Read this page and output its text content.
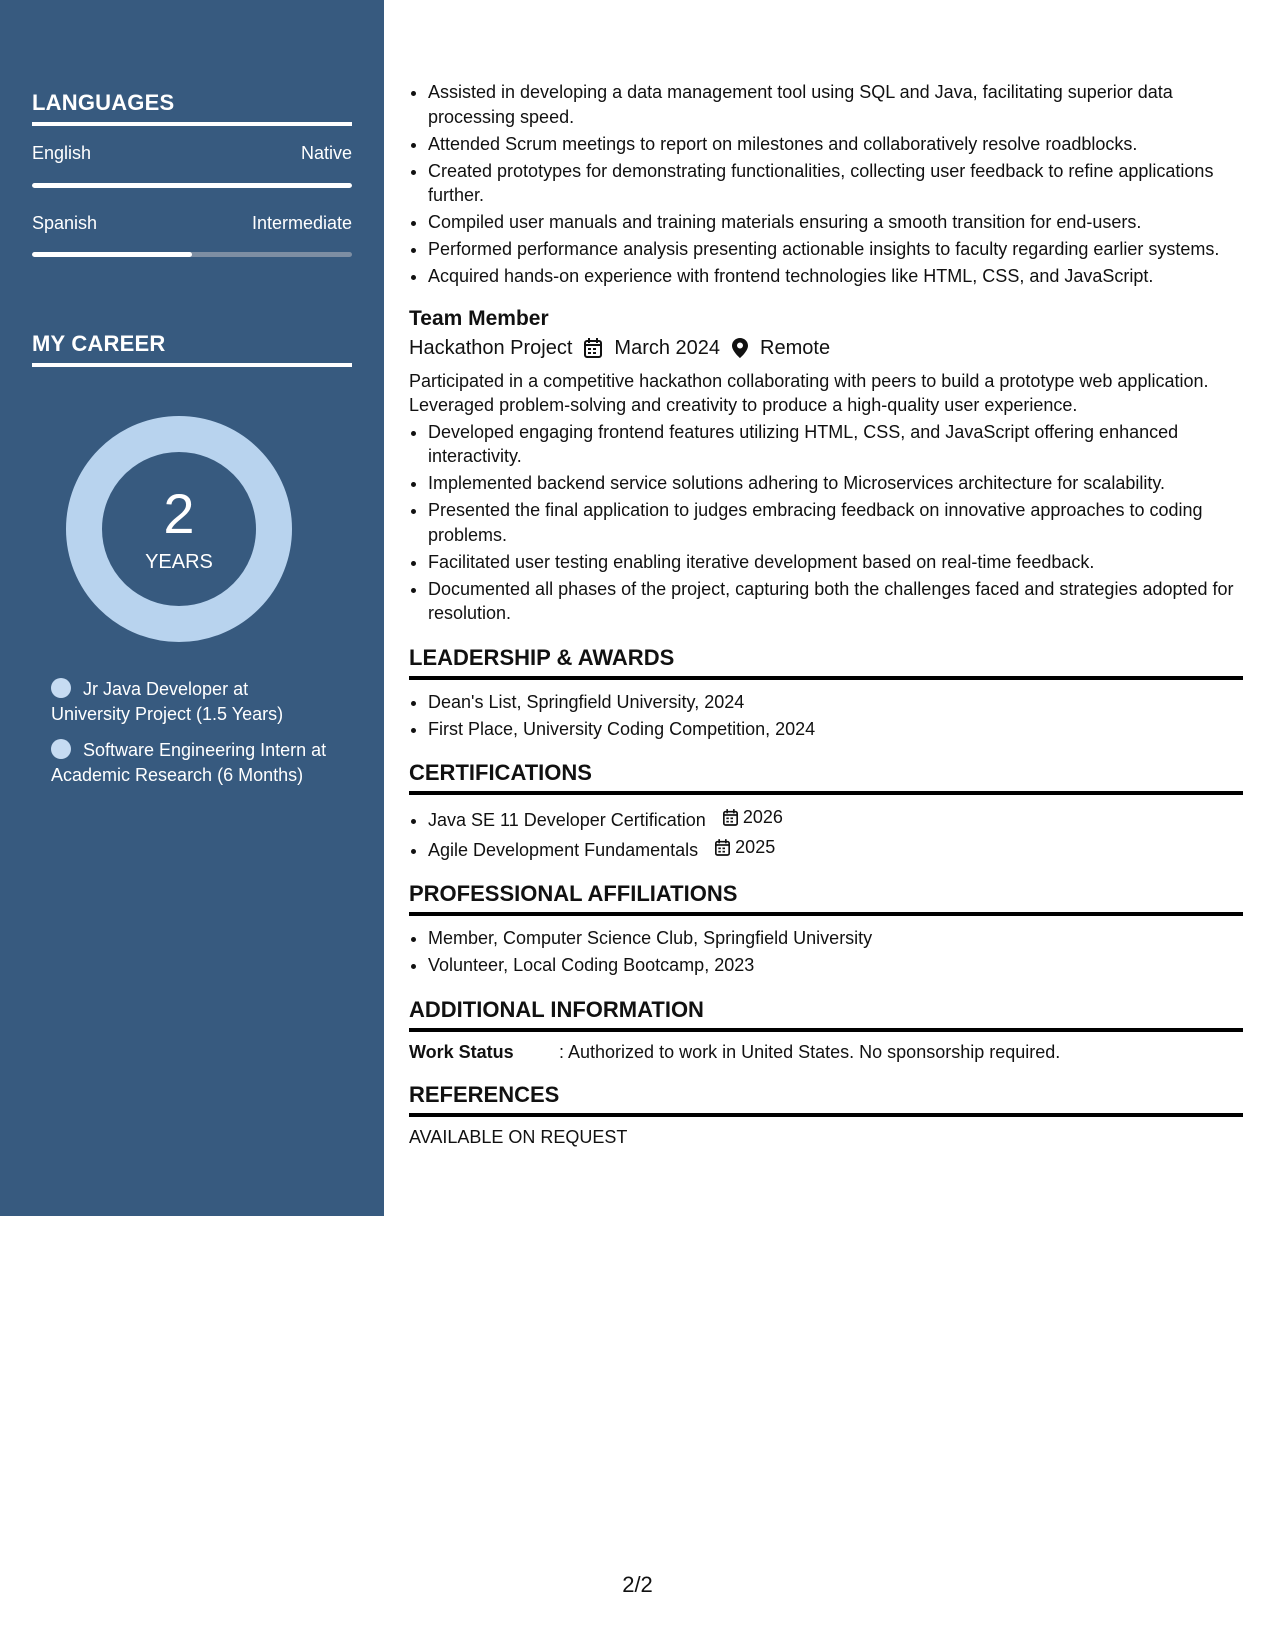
LANGUAGES
English	Native
Spanish	Intermediate
MY CAREER
2
YEARS
Jr Java Developer at University Project (1.5 Years)
Software Engineering Intern at Academic Research (6 Months)
• Assisted in developing a data management tool using SQL and Java, facilitating superior data processing speed.
• Attended Scrum meetings to report on milestones and collaboratively resolve roadblocks.
• Created prototypes for demonstrating functionalities, collecting user feedback to refine applications further.
• Compiled user manuals and training materials ensuring a smooth transition for end-users.
• Performed performance analysis presenting actionable insights to faculty regarding earlier systems.
• Acquired hands-on experience with frontend technologies like HTML, CSS, and JavaScript.
Team Member
Hackathon Project March 2024 Remote
Participated in a competitive hackathon collaborating with peers to build a prototype web application. Leveraged problem-solving and creativity to produce a high-quality user experience.
• Developed engaging frontend features utilizing HTML, CSS, and JavaScript offering enhanced interactivity.
• Implemented backend service solutions adhering to Microservices architecture for scalability.
• Presented the final application to judges embracing feedback on innovative approaches to coding problems.
• Facilitated user testing enabling iterative development based on real-time feedback.
• Documented all phases of the project, capturing both the challenges faced and strategies adopted for resolution.
LEADERSHIP & AWARDS
• Dean's List, Springfield University, 2024
• First Place, University Coding Competition, 2024
CERTIFICATIONS
• Java SE 11 Developer Certification 2026
• Agile Development Fundamentals 2025
PROFESSIONAL AFFILIATIONS
• Member, Computer Science Club, Springfield University
• Volunteer, Local Coding Bootcamp, 2023
ADDITIONAL INFORMATION
Work Status	: Authorized to work in United States. No sponsorship required.
REFERENCES
AVAILABLE ON REQUEST
2/2
